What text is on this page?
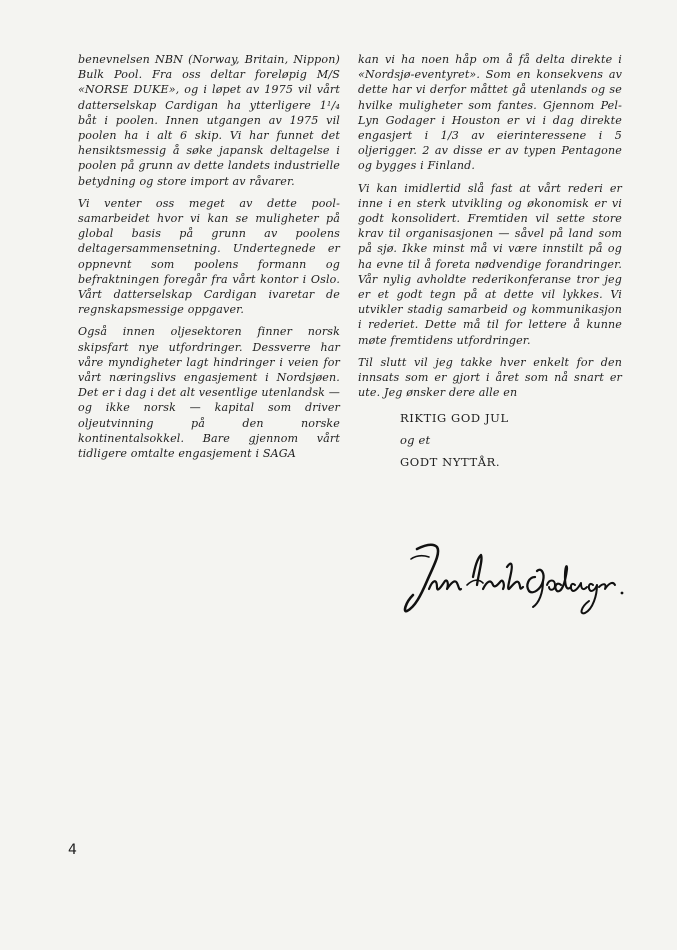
benevnelsen NBN (Norway, Britain, Nippon) Bulk Pool. Fra oss deltar foreløpig M/S «NORSE DUKE», og i løpet av 1975 vil vårt datterselskap Cardigan ha ytterligere 1¹/₄ båt i poolen. Innen utgangen av 1975 vil poolen ha i alt 6 skip. Vi har funnet det hensiktsmessig å søke japansk deltagelse i poolen på grunn av dette landets industrielle betydning og store import av råvarer.

Vi venter oss meget av dette pool-samarbeidet hvor vi kan se muligheter på global basis på grunn av poolens deltagersammensetning. Undertegnede er oppnevnt som poolens formann og befraktningen foregår fra vårt kontor i Oslo. Vårt datterselskap Cardigan ivaretar de regnskapsmessige oppgaver.

Også innen oljesektoren finner norsk skipsfart nye utfordringer. Dessverre har våre myndigheter lagt hindringer i veien for vårt næringslivs engasjement i Nordsjøen. Det er i dag i det alt vesentlige utenlandsk — og ikke norsk — kapital som driver oljeutvinning på den norske kontinentalsokkel. Bare gjennom vårt tidligere omtalte engasjement i SAGA

kan vi ha noen håp om å få delta direkte i «Nordsjø-eventyret». Som en konsekvens av dette har vi derfor måttet gå utenlands og se hvilke muligheter som fantes. Gjennom Pel-Lyn Godager i Houston er vi i dag direkte engasjert i 1/3 av eierinteressene i 5 oljerigger. 2 av disse er av typen Pentagone og bygges i Finland.

Vi kan imidlertid slå fast at vårt rederi er inne i en sterk utvikling og økonomisk er vi godt konsolidert. Fremtiden vil sette store krav til organisasjonen — såvel på land som på sjø. Ikke minst må vi være innstilt på og ha evne til å foreta nødvendige forandringer. Vår nylig avholdte rederikonferanse tror jeg er et godt tegn på at dette vil lykkes. Vi utvikler stadig samarbeid og kommunikasjon i rederiet. Dette må til for lettere å kunne møte fremtidens utfordringer.

Til slutt vil jeg takke hver enkelt for den innsats som er gjort i året som nå snart er ute. Jeg ønsker dere alle en

RIKTIG GOD JUL
og et
GODT NYTTÅR.
4
